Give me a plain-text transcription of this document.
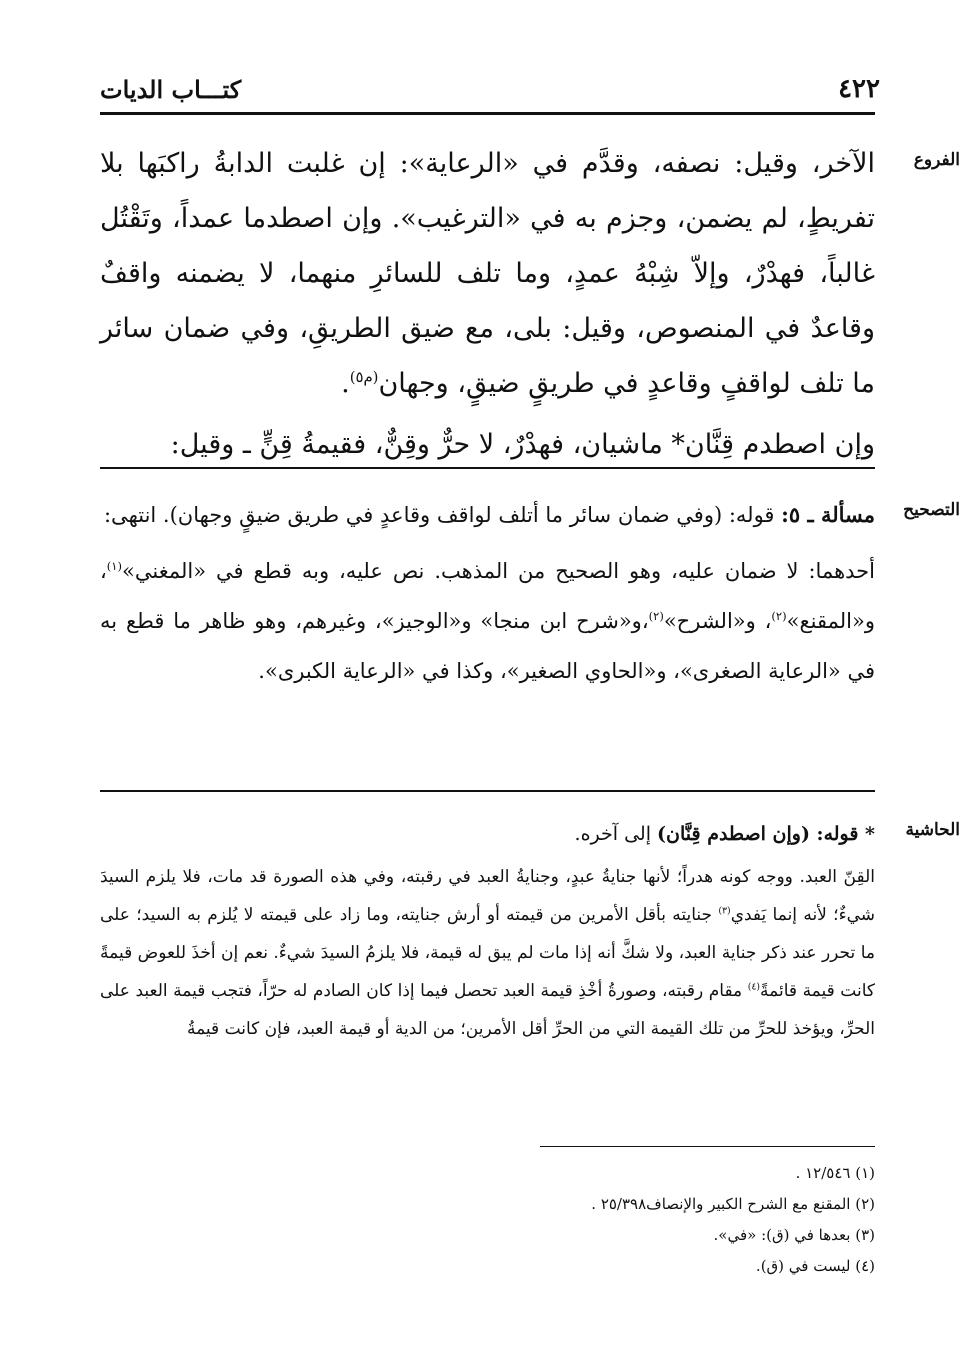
٤٢٢
كتـــاب الديات
الفروع

الآخر، وقيل: نصفه، وقدَّم في «الرعاية»: إن غلبت الدابةُ راكبَها بلا تفريطٍ، لم يضمن، وجزم به في «الترغيب». وإن اصطدما عمداً، وتَقْتُل غالباً، فهدْرٌ، وإلاّ شِبْهُ عمدٍ، وما تلف للسائرِ منهما، لا يضمنه واقفٌ وقاعدٌ في المنصوص، وقيل: بلى، مع ضيق الطريقِ، وفي ضمان سائر ما تلف لواقفٍ وقاعدٍ في طريقٍ ضيقٍ، وجهان$^{(م٥)}$.

وإن اصطدم قِنَّان* ماشيان، فهدْرٌ، لا حرٌّ وقِنٌّ، فقيمةُ قِنٍّ ـ وقيل:

التصحيح

مسألة ـ ٥: قوله: (وفي ضمان سائر ما أتلف لواقف وقاعدٍ في طريق ضيقٍ وجهان). انتهى:

أحدهما: لا ضمان عليه، وهو الصحيح من المذهب. نص عليه، وبه قطع في «المغني»$^{(١)}$، و«المقنع»$^{(٢)}$، و«الشرح»$^{(٢)}$،و«شرح ابن منجا» و«الوجيز»، وغيرهم، وهو ظاهر ما قطع به في «الرعاية الصغرى»، و«الحاوي الصغير»، وكذا في «الرعاية الكبرى».

الحاشية

* قوله: (وإن اصطدم قِنَّان) إلى آخره.

القِنّ العبد. ووجه كونه هدراً؛ لأنها جنايةُ عبدٍ، وجنايةُ العبد في رقبته، وفي هذه الصورة قد مات، فلا يلزم السيدَ شيءٌ؛ لأنه إنما يَفدي$^{(٣)}$ جنايته بأقل الأمرين من قيمته أو أرش جنايته، وما زاد على قيمته لا يُلزم به السيد؛ على ما تحرر عند ذكر جناية العبد، ولا شكَّ أنه إذا مات لم يبق له قيمة، فلا يلزمُ السيدَ شيءٌ. نعم إن أخذَ للعوض قيمةً كانت قيمة قائمةً$^{(٤)}$ مقام رقبته، وصورةُ أخْذِ قيمة العبد تحصل فيما إذا كان الصادم له حرّاً، فتجب قيمة العبد على الحرِّ، ويؤخذ للحرِّ من تلك القيمة التي من الحرِّ أقل الأمرين؛ من الدية أو قيمة العبد، فإن كانت قيمةُ

(١) ١٢/٥٤٦ .
(٢) المقنع مع الشرح الكبير والإنصاف٢٥/٣٩٨ .
(٣) بعدها في (ق): «في».
(٤) ليست في (ق).
